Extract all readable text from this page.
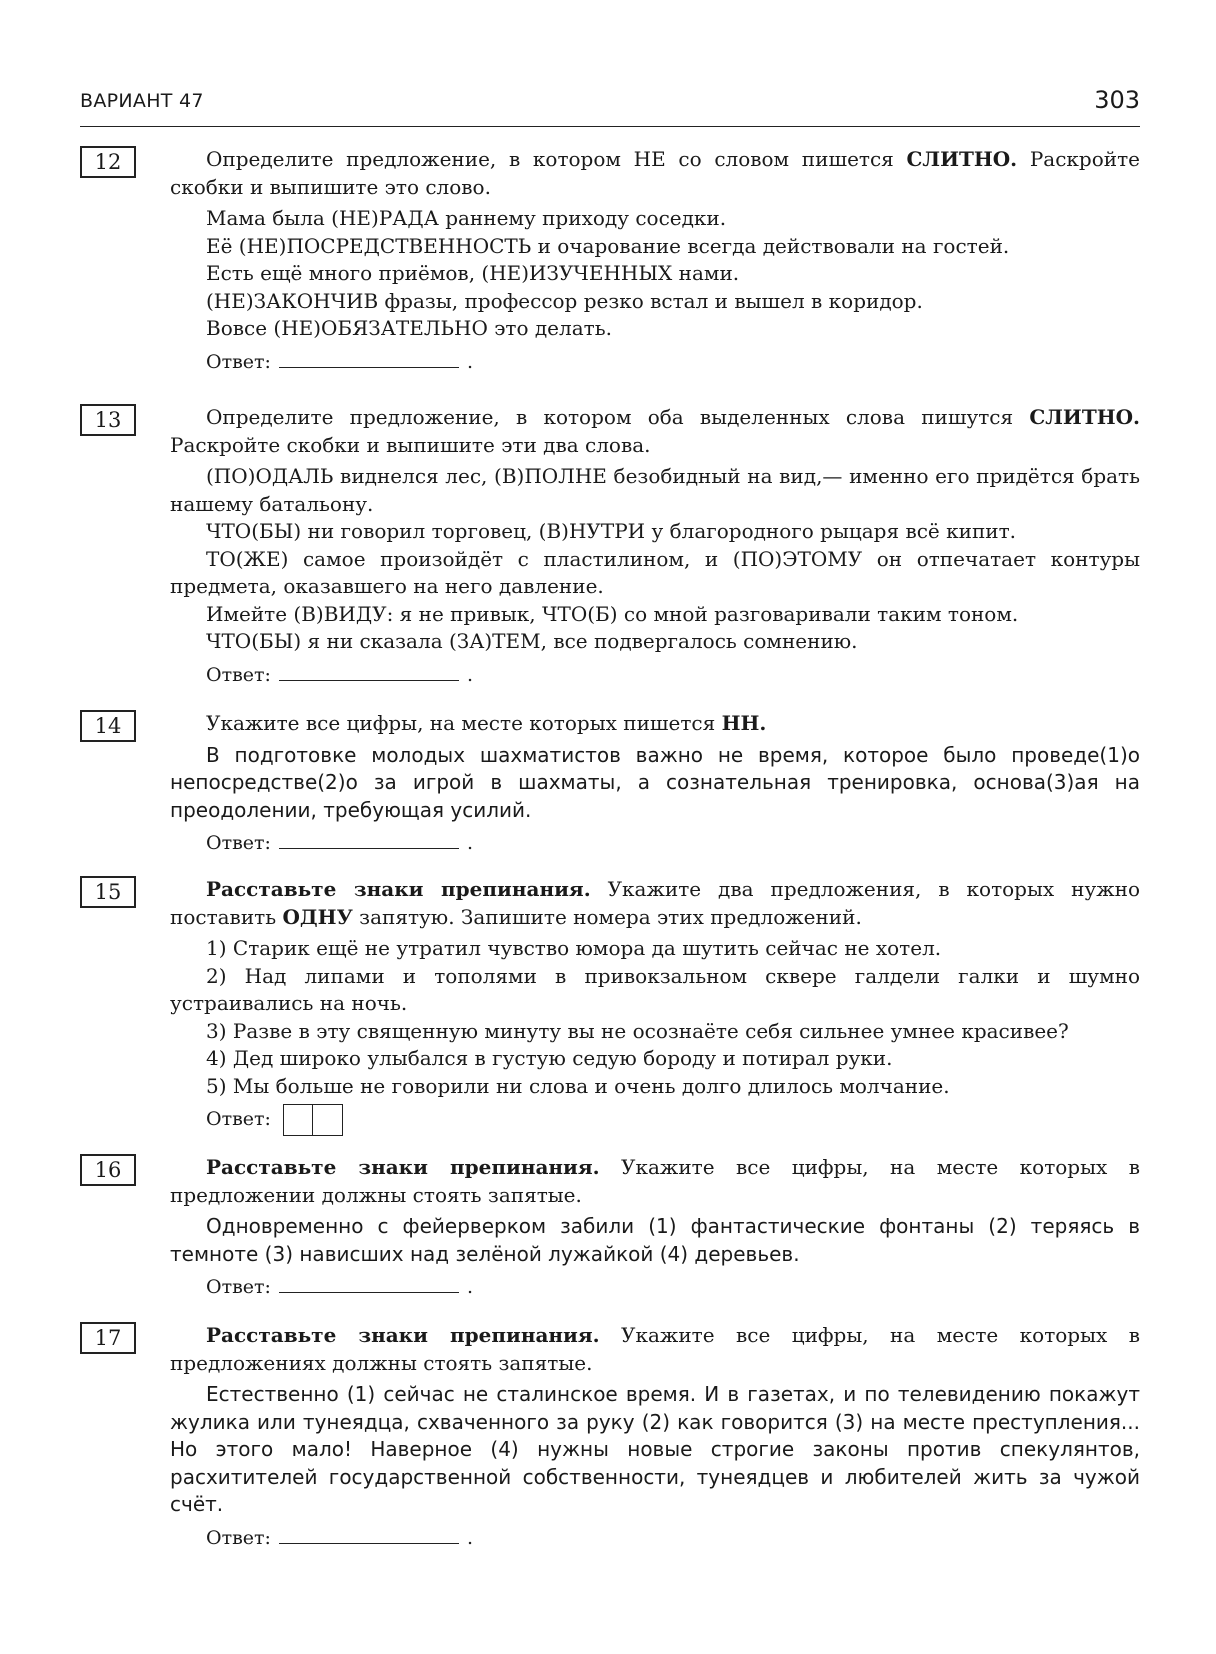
ВАРИАНТ 47	303
12	Определите предложение, в котором НЕ со словом пишется СЛИТНО. Раскройте скобки и выпишите это слово.

Мама была (НЕ)РАДА раннему приходу соседки.

Её (НЕ)ПОСРЕДСТВЕННОСТЬ и очарование всегда действовали на гостей.

Есть ещё много приёмов, (НЕ)ИЗУЧЕННЫХ нами.

(НЕ)ЗАКОНЧИВ фразы, профессор резко встал и вышел в коридор.

Вовсе (НЕ)ОБЯЗАТЕЛЬНО это делать.

Ответ:	.
13	Определите предложение, в котором оба выделенных слова пишутся СЛИТНО. Раскройте скобки и выпишите эти два слова.

(ПО)ОДАЛЬ виднелся лес, (В)ПОЛНЕ безобидный на вид,— именно его придётся брать нашему батальону.

ЧТО(БЫ) ни говорил торговец, (В)НУТРИ у благородного рыцаря всё кипит.

ТО(ЖЕ) самое произойдёт с пластилином, и (ПО)ЭТОМУ он отпечатает контуры предмета, оказавшего на него давление.

Имейте (В)ВИДУ: я не привык, ЧТО(Б) со мной разговаривали таким тоном.

ЧТО(БЫ) я ни сказала (ЗА)ТЕМ, все подвергалось сомнению.

Ответ:	.
14	Укажите все цифры, на месте которых пишется НН.

В подготовке молодых шахматистов важно не время, которое было проведе(1)о непосредстве(2)о за игрой в шахматы, а сознательная тренировка, основа(3)ая на преодолении, требующая усилий.

Ответ:	.
15	Расставьте знаки препинания. Укажите два предложения, в которых нужно поставить ОДНУ запятую. Запишите номера этих предложений.

1) Старик ещё не утратил чувство юмора да шутить сейчас не хотел.

2) Над липами и тополями в привокзальном сквере галдели галки и шумно устраивались на ночь.

3) Разве в эту священную минуту вы не осознаёте себя сильнее умнее красивее?

4) Дед широко улыбался в густую седую бороду и потирал руки.

5) Мы больше не говорили ни слова и очень долго длилось молчание.

Ответ:
16	Расставьте знаки препинания. Укажите все цифры, на месте которых в предложении должны стоять запятые.

Одновременно с фейерверком забили (1) фантастические фонтаны (2) теряясь в темноте (3) нависших над зелёной лужайкой (4) деревьев.

Ответ:	.
17	Расставьте знаки препинания. Укажите все цифры, на месте которых в предложениях должны стоять запятые.

Естественно (1) сейчас не сталинское время. И в газетах, и по телевидению покажут жулика или тунеядца, схваченного за руку (2) как говорится (3) на месте преступления... Но этого мало! Наверное (4) нужны новые строгие законы против спекулянтов, расхитителей государственной собственности, тунеядцев и любителей жить за чужой счёт.

Ответ:	.
